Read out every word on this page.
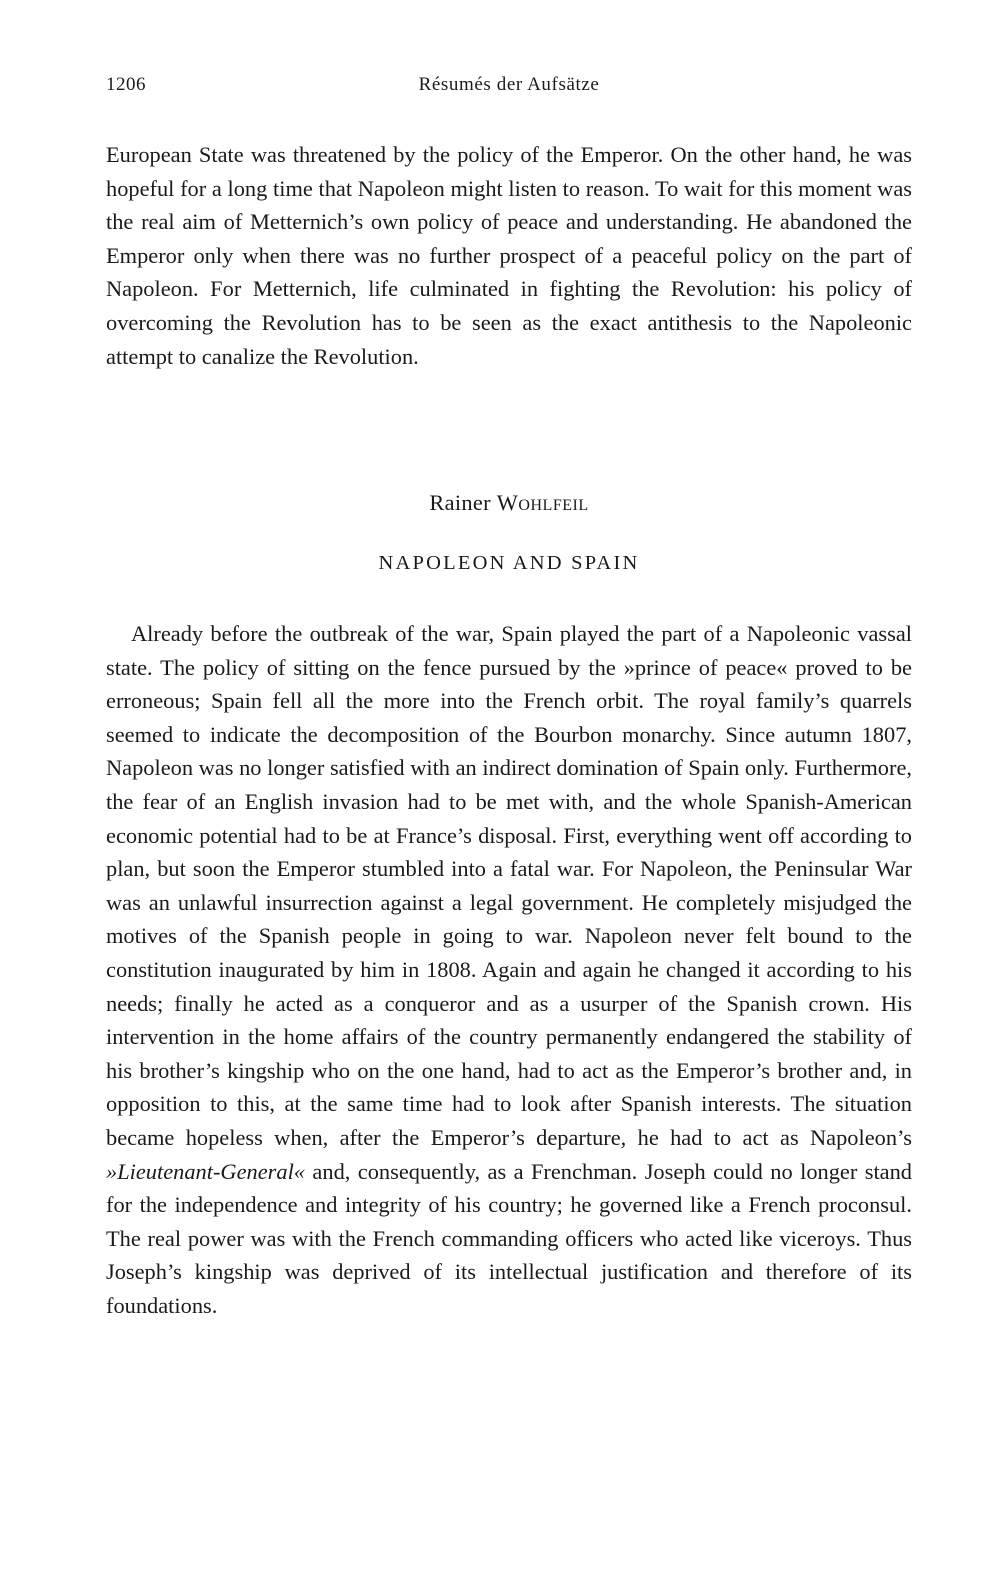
1206	Résumés der Aufsätze

European State was threatened by the policy of the Emperor. On the other hand, he was hopeful for a long time that Napoleon might listen to reason. To wait for this moment was the real aim of Metternich’s own policy of peace and understanding. He abandoned the Emperor only when there was no further prospect of a peaceful policy on the part of Napoleon. For Metternich, life culminated in fighting the Revolution: his policy of overcoming the Revolution has to be seen as the exact antithesis to the Napoleonic attempt to canalize the Revolution.

Rainer Wohlfeil
NAPOLEON AND SPAIN

Already before the outbreak of the war, Spain played the part of a Napoleonic vassal state. The policy of sitting on the fence pursued by the »prince of peace« proved to be erroneous; Spain fell all the more into the French orbit. The royal family’s quarrels seemed to indicate the decomposition of the Bourbon monarchy. Since autumn 1807, Napoleon was no longer satisfied with an indirect domination of Spain only. Furthermore, the fear of an English invasion had to be met with, and the whole Spanish-American economic potential had to be at France’s disposal. First, everything went off according to plan, but soon the Emperor stumbled into a fatal war. For Napoleon, the Peninsular War was an unlawful insurrection against a legal government. He completely misjudged the motives of the Spanish people in going to war. Napoleon never felt bound to the constitution inaugurated by him in 1808. Again and again he changed it according to his needs; finally he acted as a conqueror and as a usurper of the Spanish crown. His intervention in the home affairs of the country permanently endangered the stability of his brother’s kingship who on the one hand, had to act as the Emperor’s brother and, in opposition to this, at the same time had to look after Spanish interests. The situation became hopeless when, after the Emperor’s departure, he had to act as Napoleon’s »Lieutenant-General« and, consequently, as a Frenchman. Joseph could no longer stand for the independence and integrity of his country; he governed like a French proconsul. The real power was with the French commanding officers who acted like viceroys. Thus Joseph’s kingship was deprived of its intellectual justification and therefore of its foundations.
